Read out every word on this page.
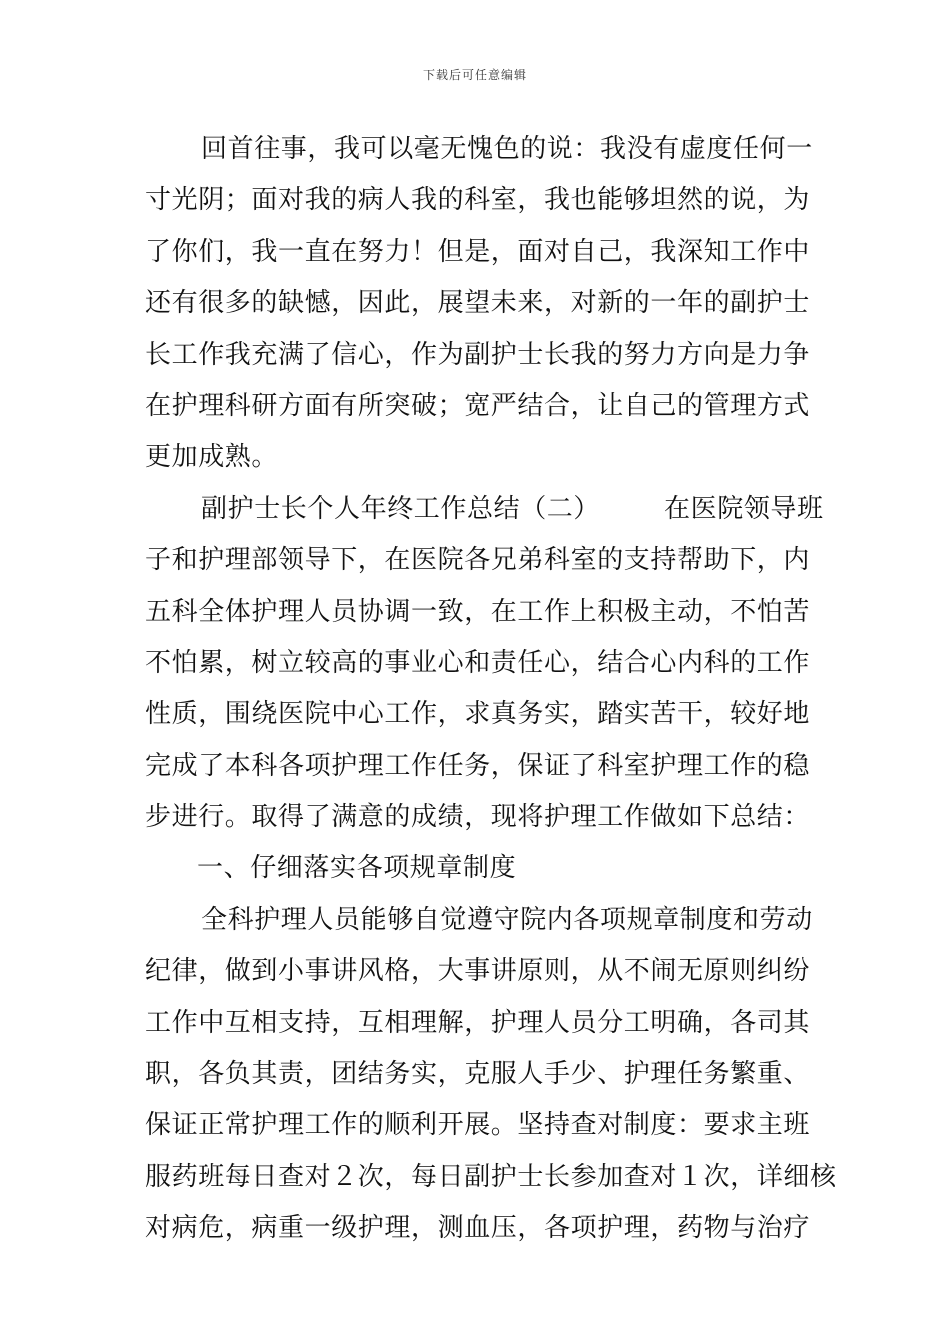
下载后可任意编辑
回首往事，我可以毫无愧色的说：我没有虚度任何一
寸光阴；面对我的病人我的科室，我也能够坦然的说，为
了你们，我一直在努力！但是，面对自己，我深知工作中
还有很多的缺憾，因此，展望未来，对新的一年的副护士
长工作我充满了信心，作为副护士长我的努力方向是力争
在护理科研方面有所突破；宽严结合，让自己的管理方式
更加成熟。
副护士长个人年终工作总结（二） 在医院领导班
子和护理部领导下，在医院各兄弟科室的支持帮助下，内
五科全体护理人员协调一致，在工作上积极主动，不怕苦
不怕累，树立较高的事业心和责任心，结合心内科的工作
性质，围绕医院中心工作，求真务实，踏实苦干，较好地
完成了本科各项护理工作任务，保证了科室护理工作的稳
步进行。取得了满意的成绩，现将护理工作做如下总结：
一、仔细落实各项规章制度
全科护理人员能够自觉遵守院内各项规章制度和劳动
纪律，做到小事讲风格，大事讲原则，从不闹无原则纠纷
工作中互相支持，互相理解，护理人员分工明确，各司其
职，各负其责，团结务实，克服人手少、护理任务繁重、
保证正常护理工作的顺利开展。坚持查对制度：要求主班
服药班每日查对２次，每日副护士长参加查对１次，详细核
对病危，病重一级护理，测血压，各项护理，药物与治疗
